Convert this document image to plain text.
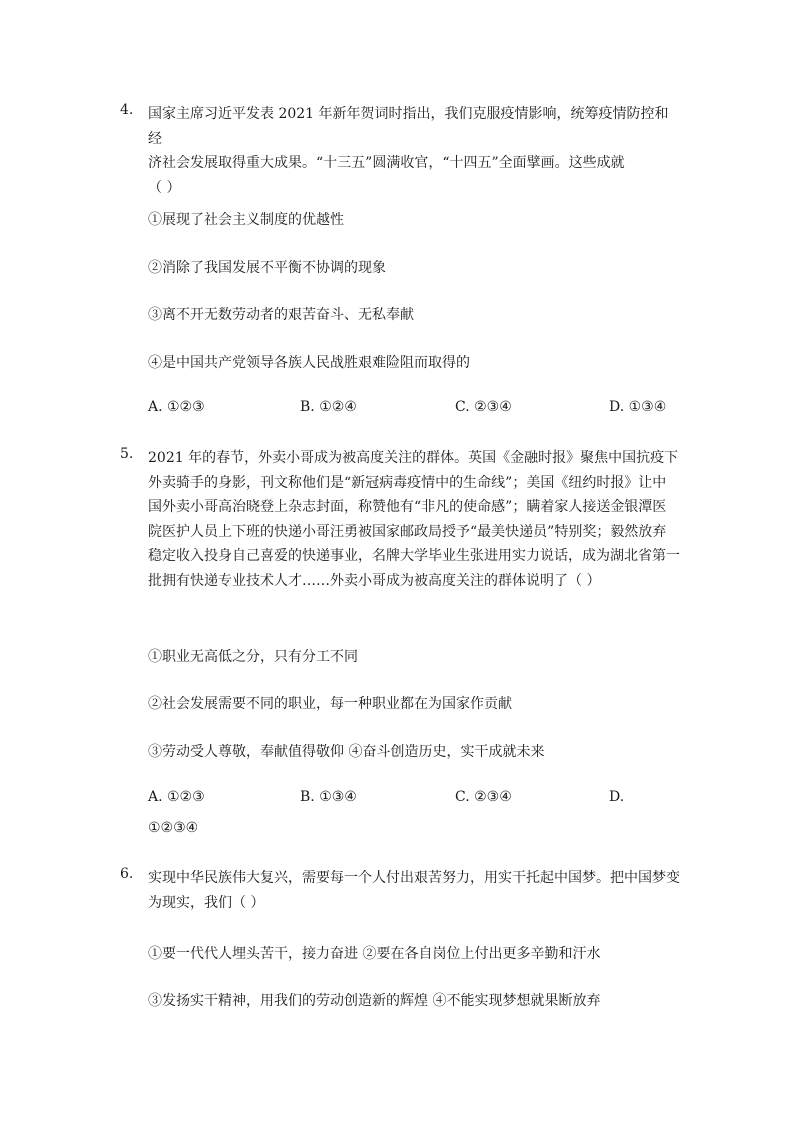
4. 国家主席习近平发表 2021 年新年贺词时指出，我们克服疫情影响，统筹疫情防控和经
济社会发展取得重大成果。“十三五”圆满收官，“十四五”全面擘画。这些成就
（ ）
①展现了社会主义制度的优越性
②消除了我国发展不平衡不协调的现象
③离不开无数劳动者的艰苦奋斗、无私奉献
④是中国共产党领导各族人民战胜艰难险阻而取得的
A. ①②③	B. ①②④	C. ②③④	D. ①③④
5. 2021 年的春节，外卖小哥成为被高度关注的群体。英国《金融时报》聚焦中国抗疫下
外卖骑手的身影，刊文称他们是“新冠病毒疫情中的生命线”；美国《纽约时报》让中
国外卖小哥高治晓登上杂志封面，称赞他有“非凡的使命感”；瞒着家人接送金银潭医
院医护人员上下班的快递小哥汪勇被国家邮政局授予“最美快递员”特别奖；毅然放弃
稳定收入投身自己喜爱的快递事业，名牌大学毕业生张进用实力说话，成为湖北省第一
批拥有快递专业技术人才……外卖小哥成为被高度关注的群体说明了（ ）
①职业无高低之分，只有分工不同
②社会发展需要不同的职业，每一种职业都在为国家作贡献
③劳动受人尊敬，奉献值得敬仰 ④奋斗创造历史，实干成就未来
A. ①②③	B. ①③④	C. ②③④	D.
①②③④
6. 实现中华民族伟大复兴，需要每一个人付出艰苦努力，用实干托起中国梦。把中国梦变
为现实，我们（ ）
①要一代代人埋头苦干，接力奋进 ②要在各自岗位上付出更多辛勤和汗水
③发扬实干精神，用我们的劳动创造新的辉煌 ④不能实现梦想就果断放弃
